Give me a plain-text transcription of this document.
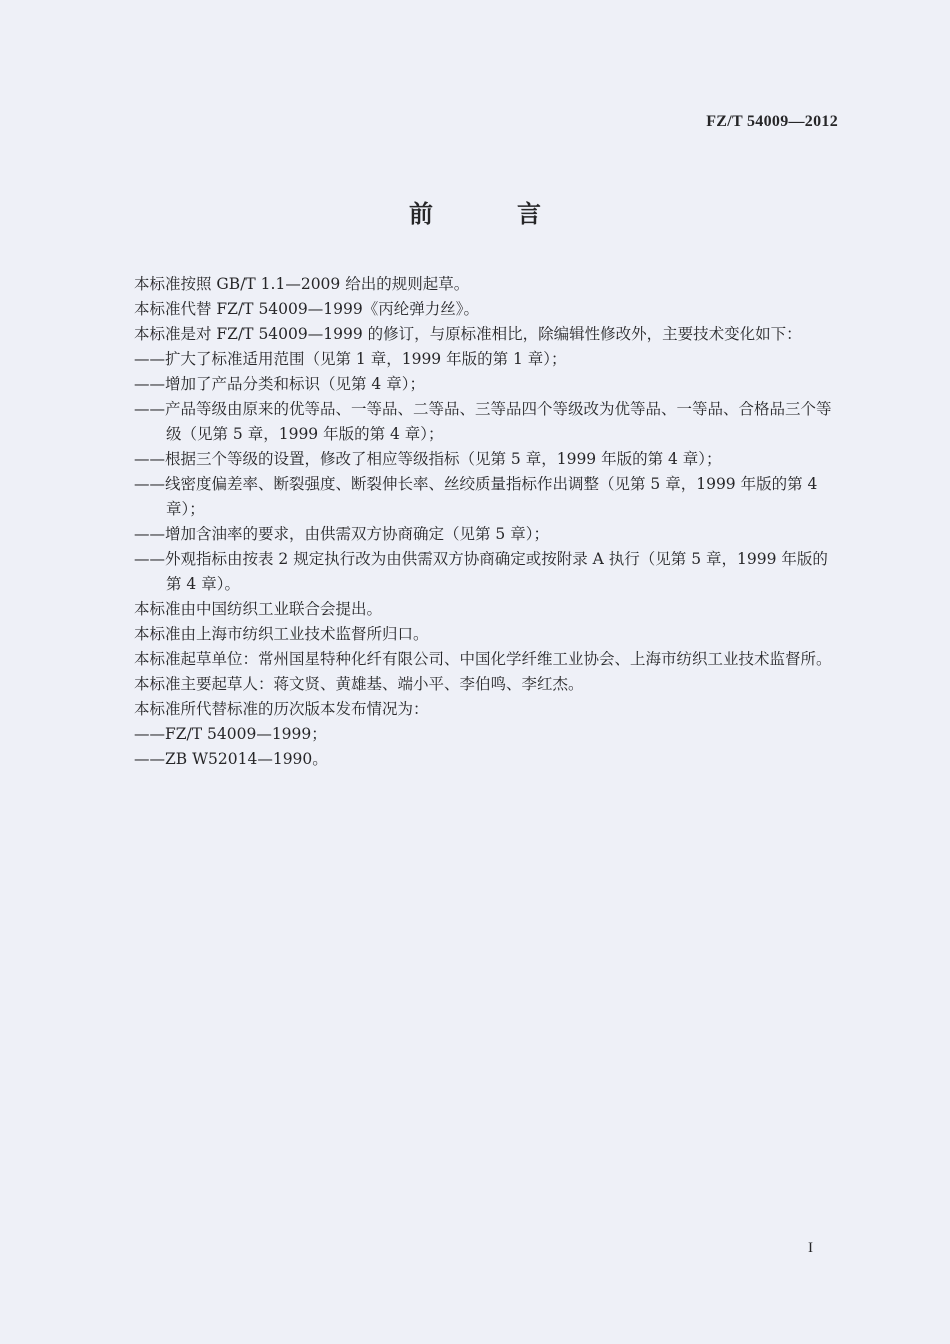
FZ/T 54009—2012
前　言

本标准按照 GB/T 1.1—2009 给出的规则起草。

本标准代替 FZ/T 54009—1999《丙纶弹力丝》。

本标准是对 FZ/T 54009—1999 的修订，与原标准相比，除编辑性修改外，主要技术变化如下：

——扩大了标准适用范围（见第 1 章，1999 年版的第 1 章）；

——增加了产品分类和标识（见第 4 章）；

——产品等级由原来的优等品、一等品、二等品、三等品四个等级改为优等品、一等品、合格品三个等级（见第 5 章，1999 年版的第 4 章）；

——根据三个等级的设置，修改了相应等级指标（见第 5 章，1999 年版的第 4 章）；

——线密度偏差率、断裂强度、断裂伸长率、丝绞质量指标作出调整（见第 5 章，1999 年版的第 4 章）；

——增加含油率的要求，由供需双方协商确定（见第 5 章）；

——外观指标由按表 2 规定执行改为由供需双方协商确定或按附录 A 执行（见第 5 章，1999 年版的第 4 章）。

本标准由中国纺织工业联合会提出。

本标准由上海市纺织工业技术监督所归口。

本标准起草单位：常州国星特种化纤有限公司、中国化学纤维工业协会、上海市纺织工业技术监督所。

本标准主要起草人：蒋文贤、黄雄基、端小平、李伯鸣、李红杰。

本标准所代替标准的历次版本发布情况为：

——FZ/T 54009—1999；

——ZB W52014—1990。

I
